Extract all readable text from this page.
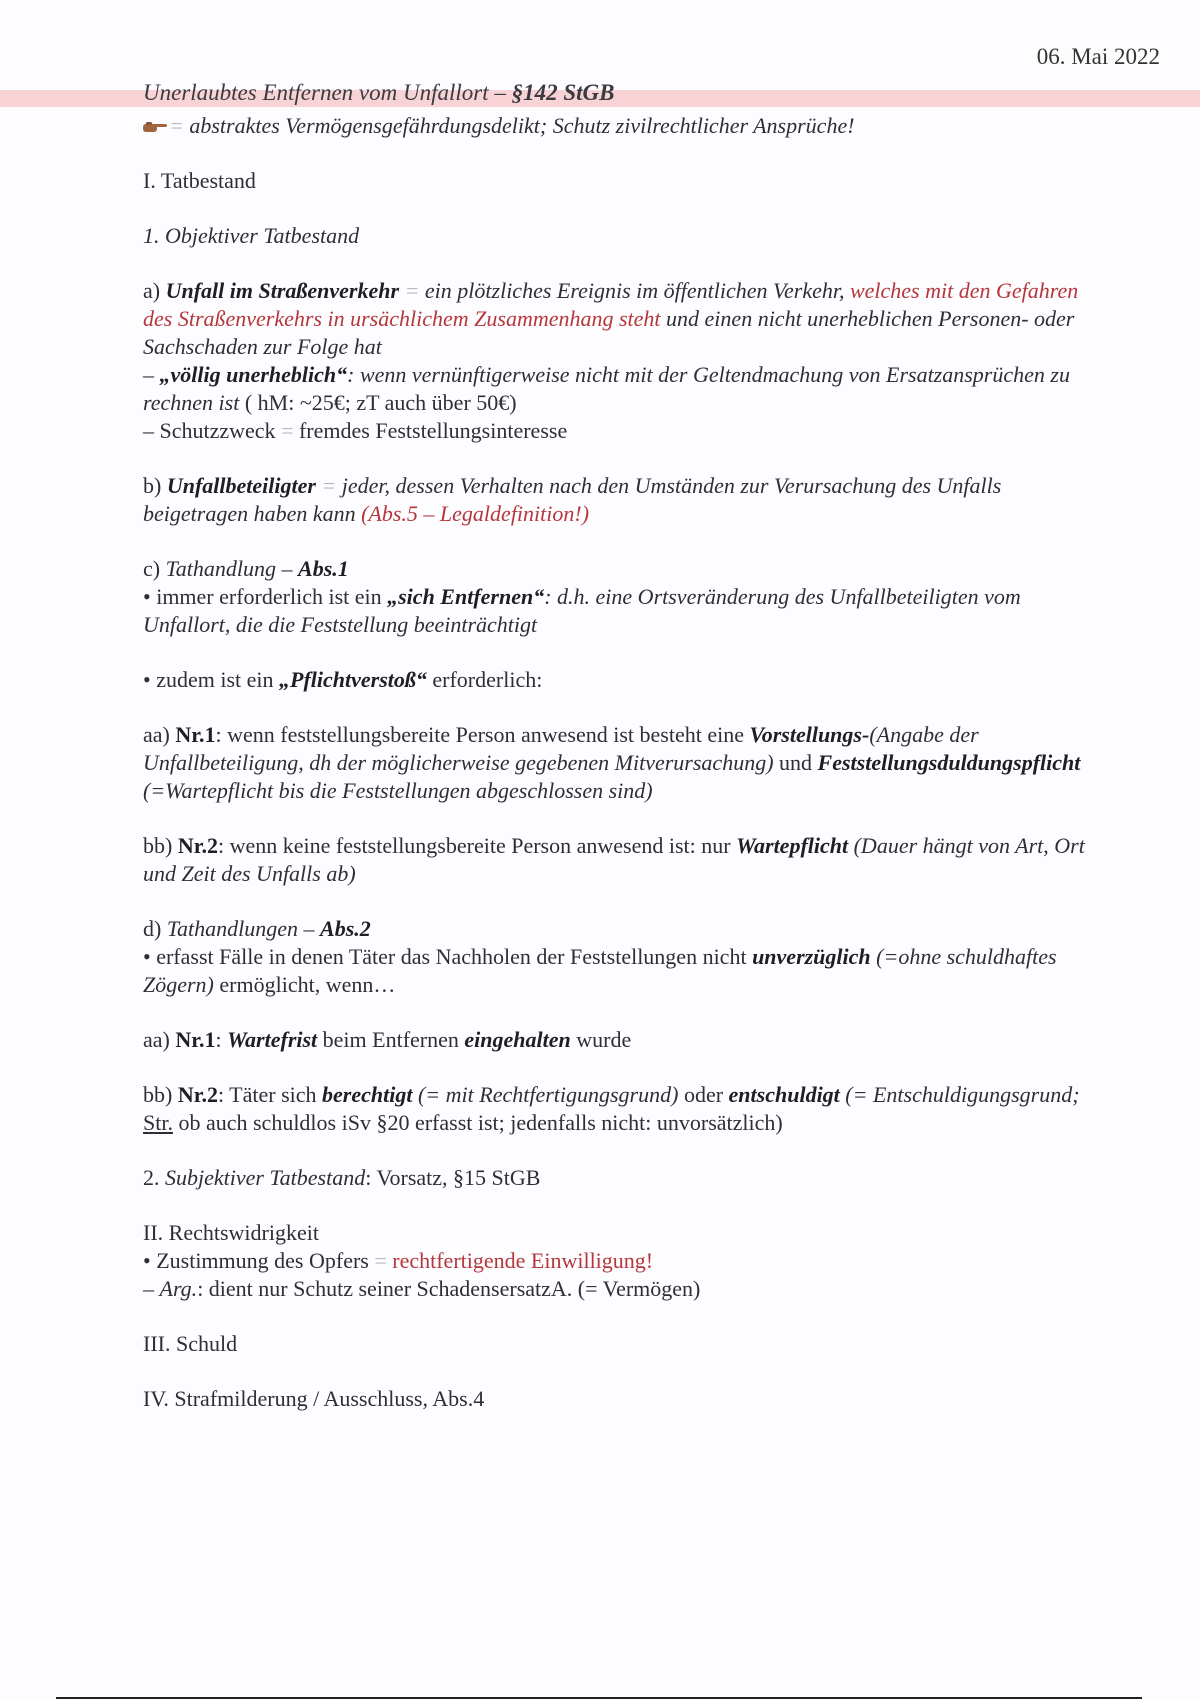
06. Mai 2022
Unerlaubtes Entfernen vom Unfallort – §142 StGB

= abstraktes Vermögensgefährdungsdelikt; Schutz zivilrechtlicher Ansprüche!

I. Tatbestand

1. Objektiver Tatbestand

a) Unfall im Straßenverkehr = ein plötzliches Ereignis im öffentlichen Verkehr, welches mit den Gefahren des Straßenverkehrs in ursächlichem Zusammenhang steht und einen nicht unerheblichen Personen- oder Sachschaden zur Folge hat

– „völlig unerheblich“: wenn vernünftigerweise nicht mit der Geltendmachung von Ersatzansprüchen zu rechnen ist ( hM: ~25€; zT auch über 50€)

– Schutzzweck = fremdes Feststellungsinteresse

b) Unfallbeteiligter = jeder, dessen Verhalten nach den Umständen zur Verursachung des Unfalls beigetragen haben kann (Abs.5 – Legaldefinition!)

c) Tathandlung – Abs.1

• immer erforderlich ist ein „sich Entfernen“: d.h. eine Ortsveränderung des Unfallbeteiligten vom Unfallort, die die Feststellung beeinträchtigt

• zudem ist ein „Pflichtverstoß“ erforderlich:

aa) Nr.1: wenn feststellungsbereite Person anwesend ist besteht eine Vorstellungs-(Angabe der Unfallbeteiligung, dh der möglicherweise gegebenen Mitverursachung) und Feststellungsduldungspflicht (=Wartepflicht bis die Feststellungen abgeschlossen sind)

bb) Nr.2: wenn keine feststellungsbereite Person anwesend ist: nur Wartepflicht (Dauer hängt von Art, Ort und Zeit des Unfalls ab)

d) Tathandlungen – Abs.2

• erfasst Fälle in denen Täter das Nachholen der Feststellungen nicht unverzüglich (=ohne schuldhaftes Zögern) ermöglicht, wenn…

aa) Nr.1: Wartefrist beim Entfernen eingehalten wurde

bb) Nr.2: Täter sich berechtigt (= mit Rechtfertigungsgrund) oder entschuldigt (= Entschuldigungsgrund; Str. ob auch schuldlos iSv §20 erfasst ist; jedenfalls nicht: unvorsätzlich)

2. Subjektiver Tatbestand: Vorsatz, §15 StGB

II. Rechtswidrigkeit

• Zustimmung des Opfers = rechtfertigende Einwilligung!

– Arg.: dient nur Schutz seiner SchadensersatzA. (= Vermögen)

III. Schuld

IV. Strafmilderung / Ausschluss, Abs.4
